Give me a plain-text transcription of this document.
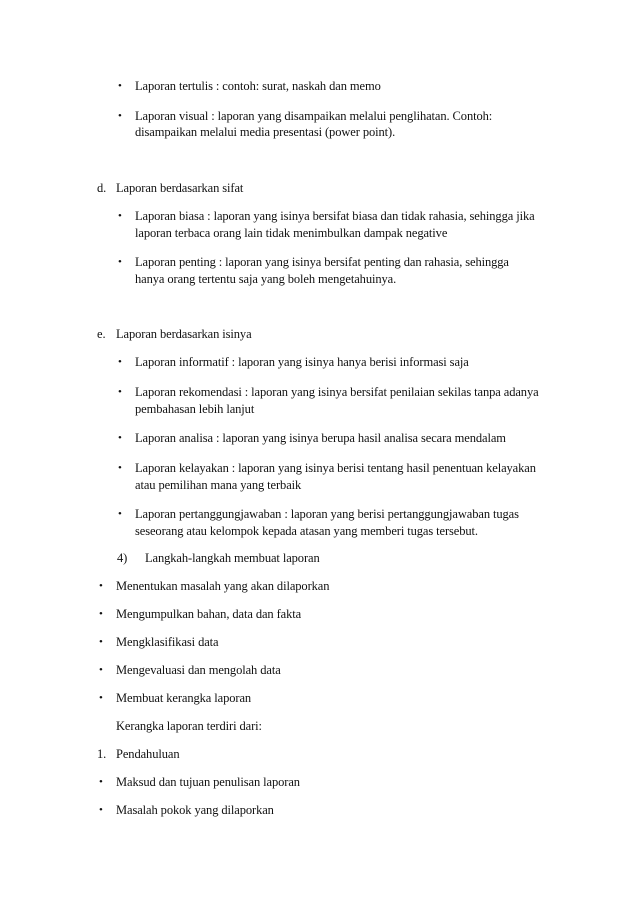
•
Laporan tertulis : contoh: surat, naskah dan memo
•
Laporan visual : laporan yang disampaikan melalui penglihatan. Contoh:
disampaikan melalui media presentasi (power point).
d. Laporan berdasarkan sifat
•
Laporan biasa : laporan yang isinya bersifat biasa dan tidak rahasia, sehingga jika
laporan terbaca orang lain tidak menimbulkan dampak negative
•
Laporan penting : laporan yang isinya bersifat penting dan rahasia, sehingga
hanya orang tertentu saja yang boleh mengetahuinya.
e. Laporan berdasarkan isinya
•
Laporan informatif : laporan yang isinya hanya berisi informasi saja
•
Laporan rekomendasi : laporan yang isinya bersifat penilaian sekilas tanpa adanya
pembahasan lebih lanjut
•
Laporan analisa : laporan yang isinya berupa hasil analisa secara mendalam
•
Laporan kelayakan : laporan yang isinya berisi tentang hasil penentuan kelayakan
atau pemilihan mana yang terbaik
•
Laporan pertanggungjawaban : laporan yang berisi pertanggungjawaban tugas
seseorang atau kelompok kepada atasan yang memberi tugas tersebut.
4) Langkah-langkah membuat laporan
•
Menentukan masalah yang akan dilaporkan
•
Mengumpulkan bahan, data dan fakta
•
Mengklasifikasi data
•
Mengevaluasi dan mengolah data
•
Membuat kerangka laporan
Kerangka laporan terdiri dari:
1. Pendahuluan
•
Maksud dan tujuan penulisan laporan
•
Masalah pokok yang dilaporkan
